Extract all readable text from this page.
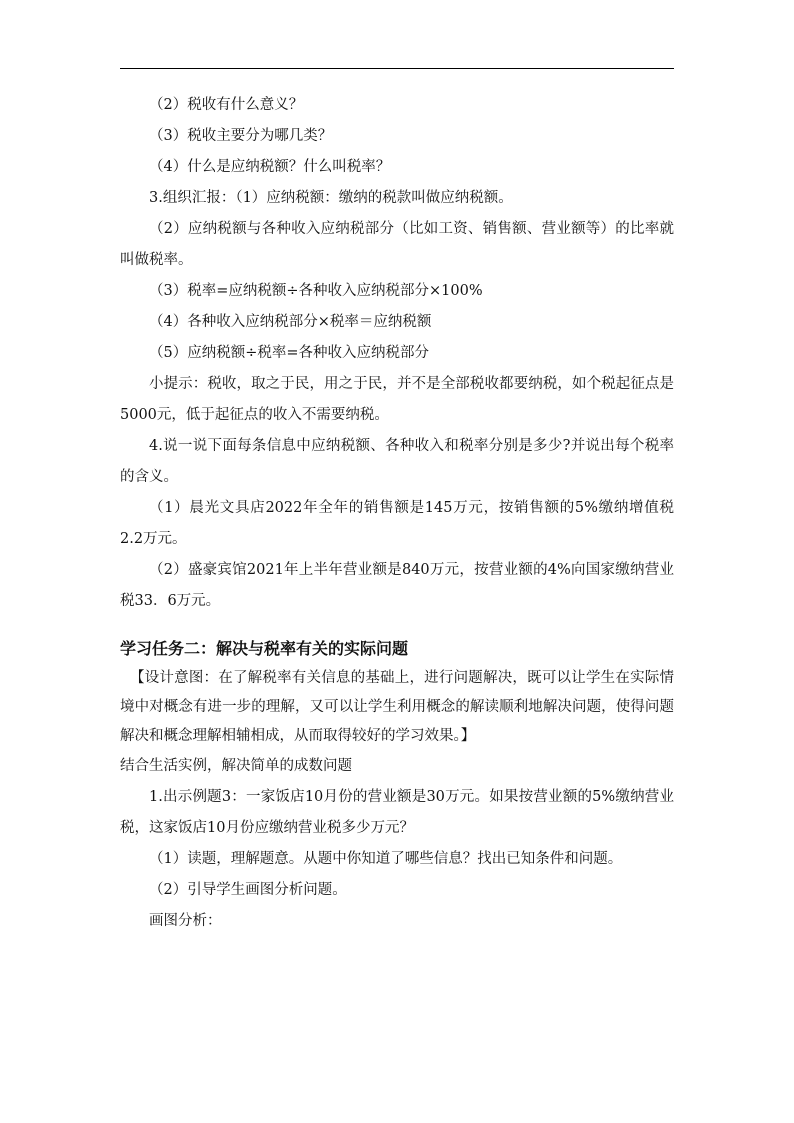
（2）税收有什么意义？

（3）税收主要分为哪几类？

（4）什么是应纳税额？什么叫税率？

3.组织汇报：（1）应纳税额：缴纳的税款叫做应纳税额。

（2）应纳税额与各种收入应纳税部分（比如工资、销售额、营业额等）的比率就叫做税率。

（3）税率=应纳税额÷各种收入应纳税部分×100%

（4）各种收入应纳税部分×税率＝应纳税额

（5）应纳税额÷税率=各种收入应纳税部分

小提示：税收，取之于民，用之于民，并不是全部税收都要纳税，如个税起征点是5000元，低于起征点的收入不需要纳税。

4.说一说下面每条信息中应纳税额、各种收入和税率分别是多少?并说出每个税率的含义。

（1）晨光文具店2022年全年的销售额是145万元，按销售额的5%缴纳增值税2.2万元。

（2）盛豪宾馆2021年上半年营业额是840万元，按营业额的4%向国家缴纳营业税33．6万元。

学习任务二：解决与税率有关的实际问题

【设计意图：在了解税率有关信息的基础上，进行问题解决，既可以让学生在实际情境中对概念有进一步的理解，又可以让学生利用概念的解读顺利地解决问题，使得问题解决和概念理解相辅相成，从而取得较好的学习效果。】

结合生活实例，解决简单的成数问题

1.出示例题3：一家饭店10月份的营业额是30万元。如果按营业额的5%缴纳营业税，这家饭店10月份应缴纳营业税多少万元？

（1）读题，理解题意。从题中你知道了哪些信息？找出已知条件和问题。

（2）引导学生画图分析问题。

画图分析：
